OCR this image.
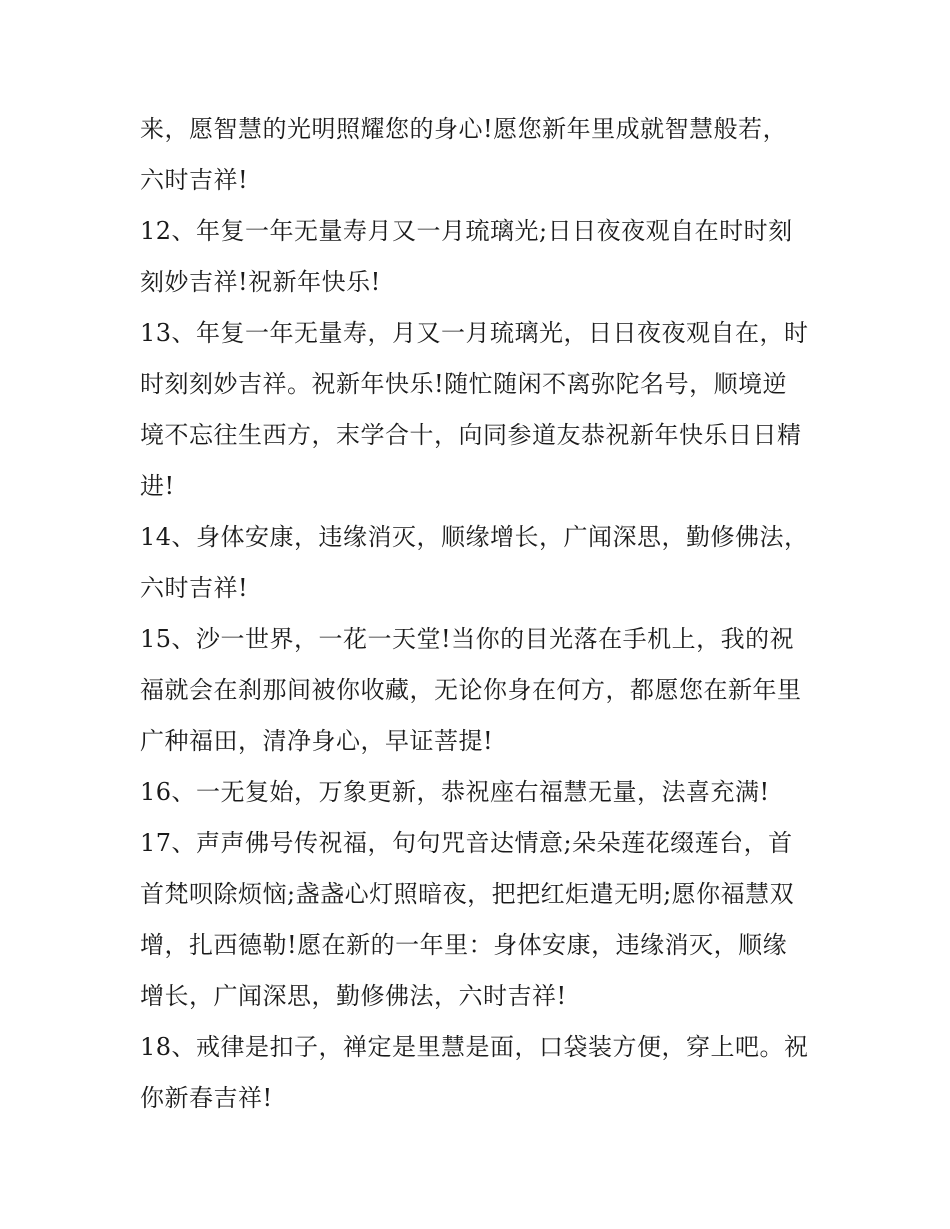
来，愿智慧的光明照耀您的身心!愿您新年里成就智慧般若，
六时吉祥!
12、年复一年无量寿月又一月琉璃光;日日夜夜观自在时时刻
刻妙吉祥!祝新年快乐!
13、年复一年无量寿，月又一月琉璃光，日日夜夜观自在，时
时刻刻妙吉祥。祝新年快乐!随忙随闲不离弥陀名号，顺境逆
境不忘往生西方，末学合十，向同参道友恭祝新年快乐日日精
进!
14、身体安康，违缘消灭，顺缘增长，广闻深思，勤修佛法，
六时吉祥!
15、沙一世界，一花一天堂!当你的目光落在手机上，我的祝
福就会在刹那间被你收藏，无论你身在何方，都愿您在新年里
广种福田，清净身心，早证菩提!
16、一无复始，万象更新，恭祝座右福慧无量，法喜充满!
17、声声佛号传祝福，句句咒音达情意;朵朵莲花缀莲台，首
首梵呗除烦恼;盏盏心灯照暗夜，把把红炬遣无明;愿你福慧双
增，扎西德勒!愿在新的一年里：身体安康，违缘消灭，顺缘
增长，广闻深思，勤修佛法，六时吉祥!
18、戒律是扣子，禅定是里慧是面，口袋装方便，穿上吧。祝
你新春吉祥!
